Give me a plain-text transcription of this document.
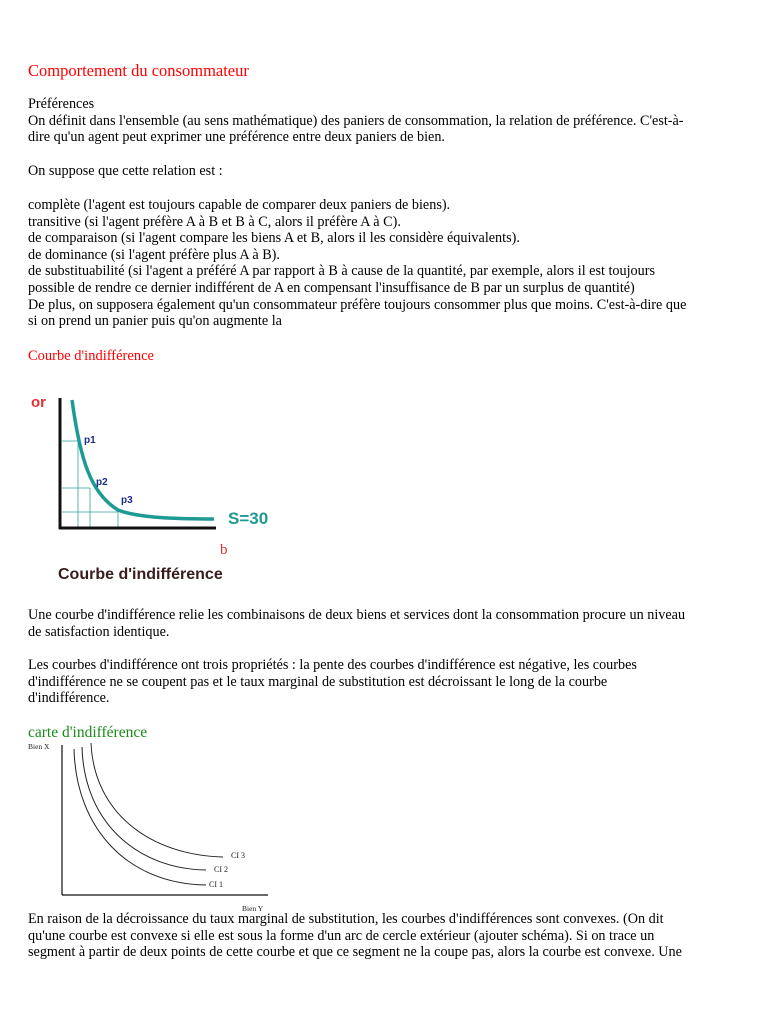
Comportement du consommateur

Préférences
On définit dans l'ensemble (au sens mathématique) des paniers de consommation, la relation de préférence. C'est-à-
dire qu'un agent peut exprimer une préférence entre deux paniers de bien.

On suppose que cette relation est :

complète (l'agent est toujours capable de comparer deux paniers de biens).
transitive (si l'agent préfère A à B et B à C, alors il préfère A à C).
de comparaison (si l'agent compare les biens A et B, alors il les considère équivalents).
de dominance (si l'agent préfère plus A à B).
de substituabilité (si l'agent a préféré A par rapport à B à cause de la quantité, par exemple, alors il est toujours
possible de rendre ce dernier indifférent de A en compensant l'insuffisance de B par un surplus de quantité)
De plus, on supposera également qu'un consommateur préfère toujours consommer plus que moins. C'est-à-dire que
si on prend un panier puis qu'on augmente la

Courbe d'indifférence
or
p1
p2
p3
S=30
b
Courbe d'indifférence

Une courbe d'indifférence relie les combinaisons de deux biens et services dont la consommation procure un niveau
de satisfaction identique.

Les courbes d'indifférence ont trois propriétés : la pente des courbes d'indifférence est négative, les courbes
d'indifférence ne se coupent pas et le taux marginal de substitution est décroissant le long de la courbe
d'indifférence.

carte d'indifférence
Bien X
CI 3
CI 2
CI 1
Bien Y

En raison de la décroissance du taux marginal de substitution, les courbes d'indifférences sont convexes. (On dit
qu'une courbe est convexe si elle est sous la forme d'un arc de cercle extérieur (ajouter schéma). Si on trace un
segment à partir de deux points de cette courbe et que ce segment ne la coupe pas, alors la courbe est convexe. Une
